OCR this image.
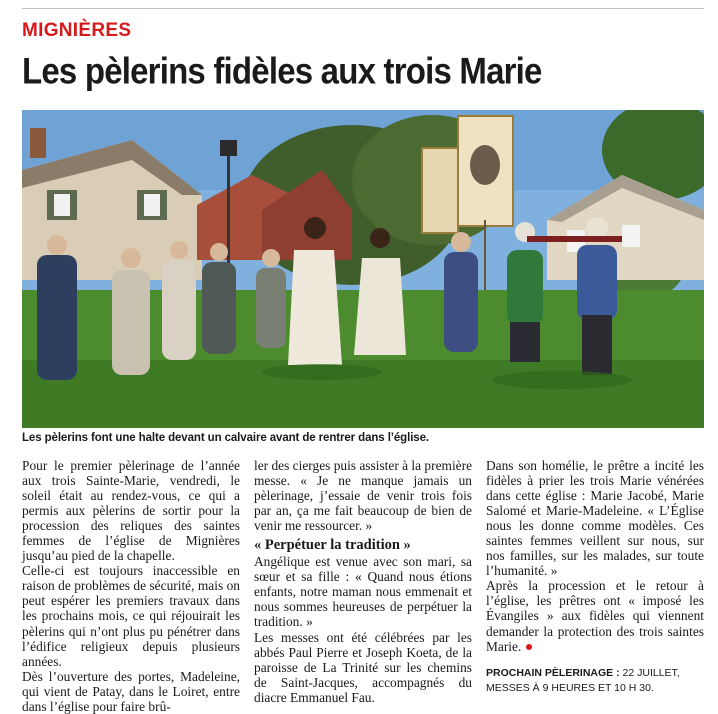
MIGNIÈRES
Les pèlerins fidèles aux trois Marie
Les pèlerins font une halte devant un calvaire avant de rentrer dans l’église.

Pour le premier pèlerinage de l’année aux trois Sainte-Marie, vendredi, le soleil était au rendez-vous, ce qui a permis aux pèlerins de sortir pour la procession des reliques des saintes femmes de l’église de Mignières jusqu’au pied de la chapelle.

Celle-ci est toujours inaccessible en raison de problèmes de sécurité, mais on peut espérer les premiers travaux dans les prochains mois, ce qui réjouirait les pèlerins qui n’ont plus pu pénétrer dans l’édifice religieux depuis plusieurs années.

Dès l’ouverture des portes, Madeleine, qui vient de Patay, dans le Loiret, entre dans l’église pour faire brû-

ler des cierges puis assister à la première messe. « Je ne manque jamais un pèlerinage, j’essaie de venir trois fois par an, ça me fait beaucoup de bien de venir me ressourcer. »

« Perpétuer la tradition »

Angélique est venue avec son mari, sa sœur et sa fille : « Quand nous étions enfants, notre maman nous emmenait et nous sommes heureuses de perpétuer la tradition. »

Les messes ont été célébrées par les abbés Paul Pierre et Joseph Koeta, de la paroisse de La Trinité sur les chemins de Saint-Jacques, accompagnés du diacre Emmanuel Fau.

Dans son homélie, le prêtre a incité les fidèles à prier les trois Marie vénérées dans cette église : Marie Jacobé, Marie Salomé et Marie-Madeleine. « L’Église nous les donne comme modèles. Ces saintes femmes veillent sur nous, sur nos familles, sur les malades, sur toute l’humanité. »

Après la procession et le retour à l’église, les prêtres ont « imposé les Évangiles » aux fidèles qui viennent demander la protection des trois saintes Marie.

PROCHAIN PÈLERINAGE : 22 JUILLET, MESSES À 9 HEURES ET 10 H 30.
